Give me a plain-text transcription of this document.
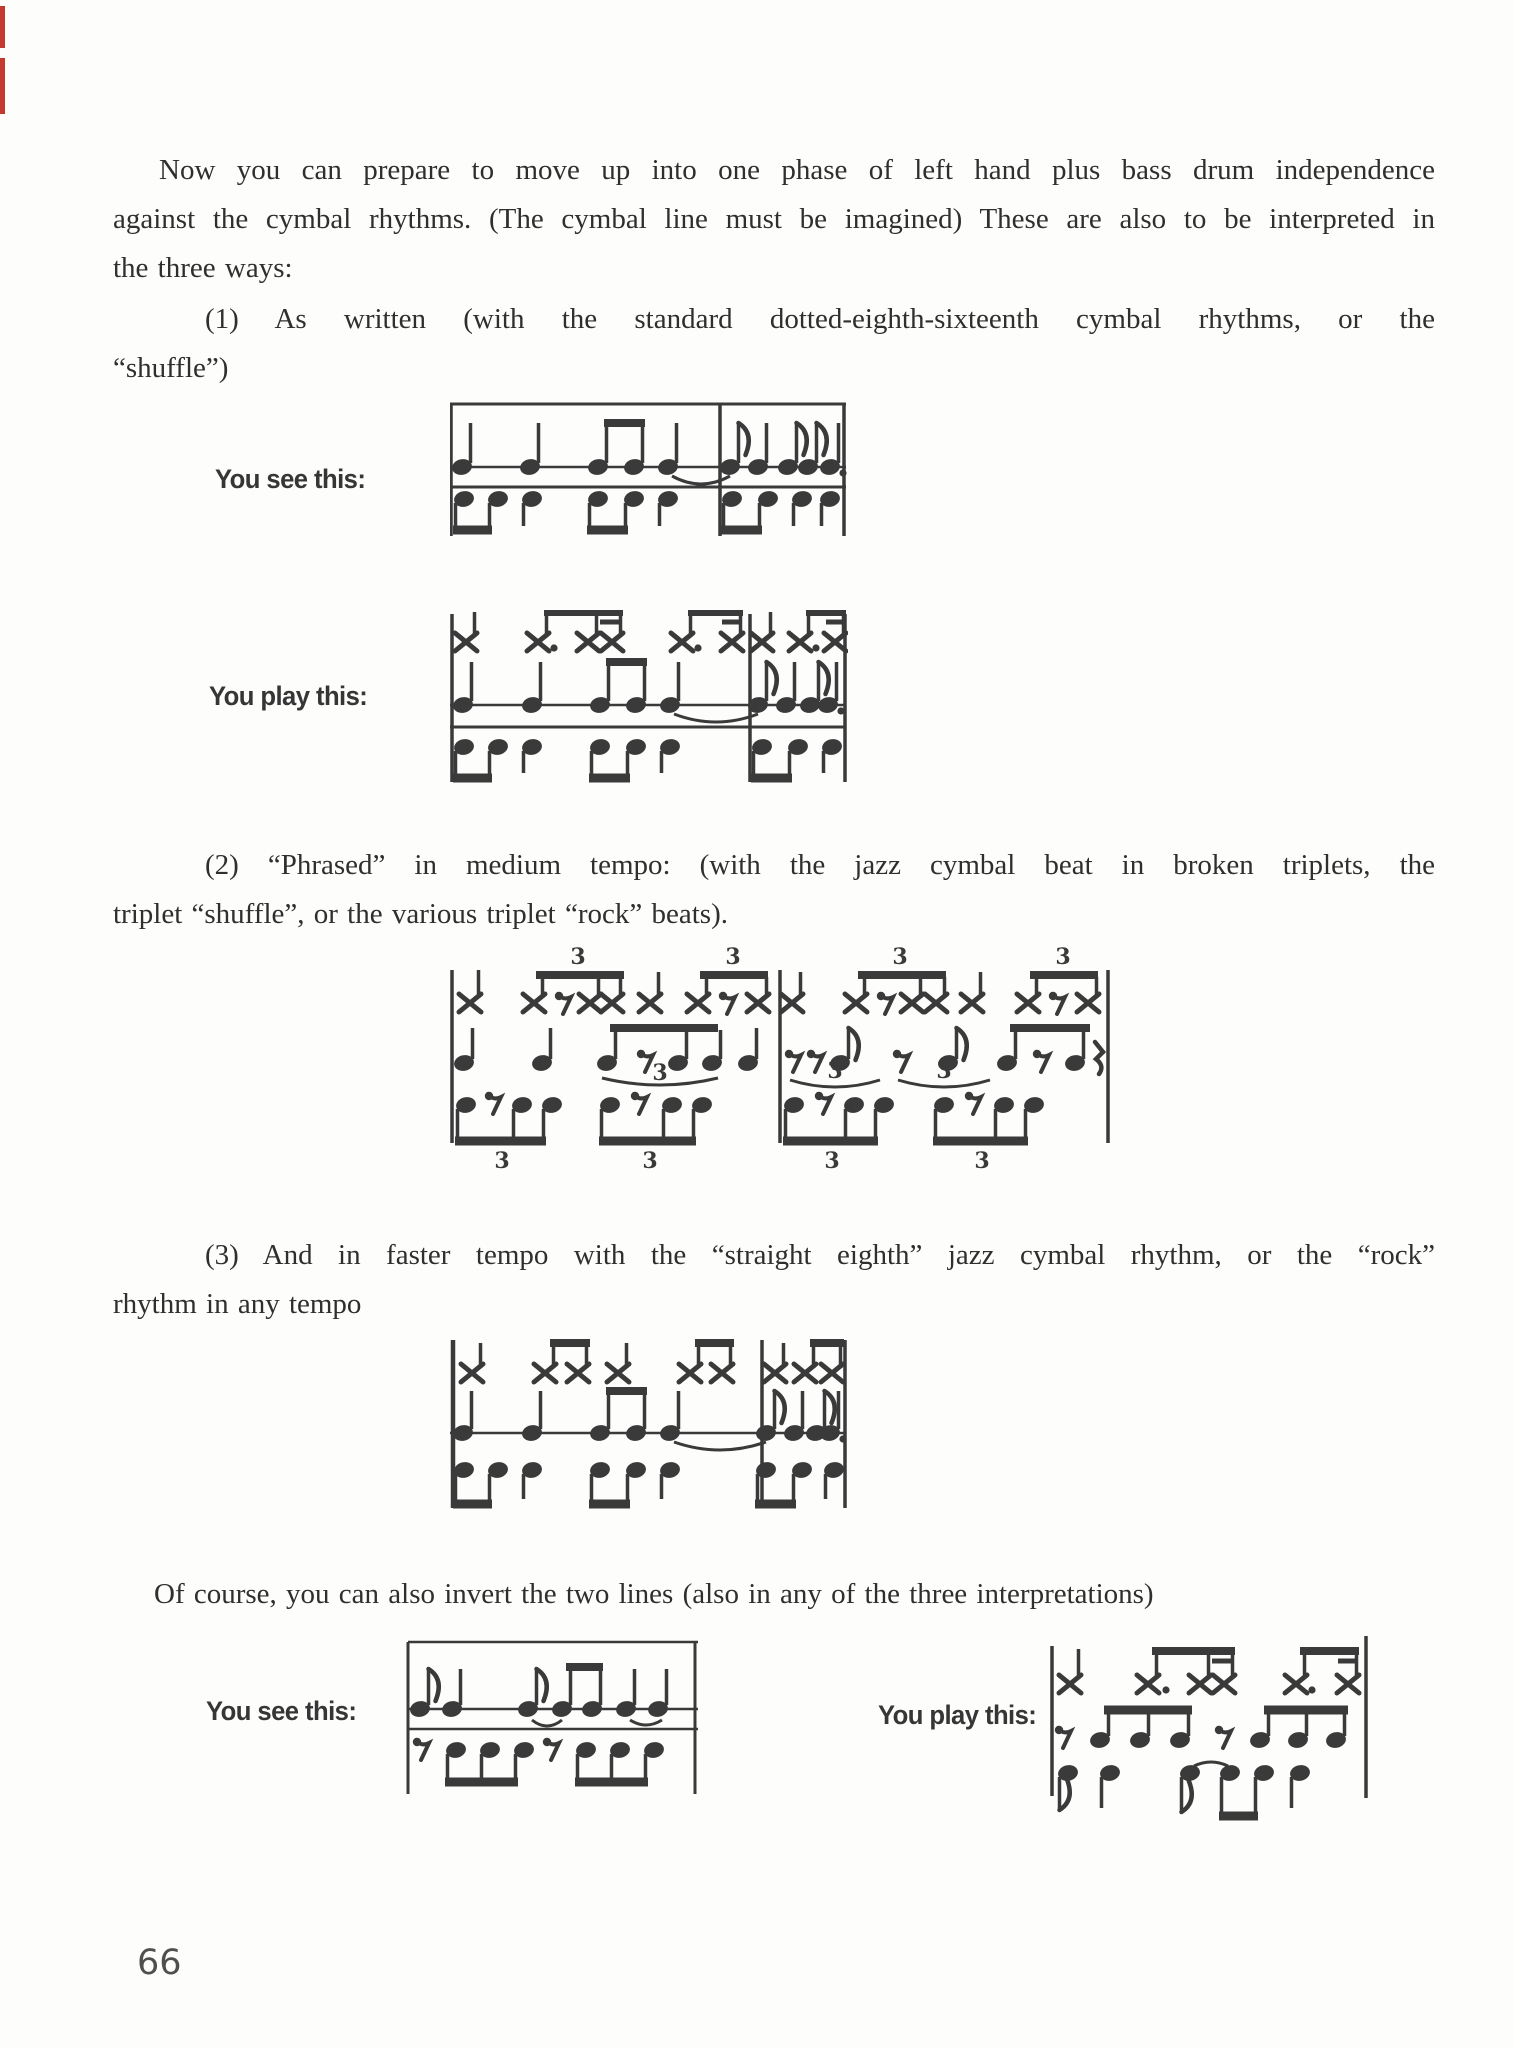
Now you can prepare to move up into one phase of left hand plus bass drum independence
against the cymbal rhythms. (The cymbal line must be imagined) These are also to be interpreted in
the three ways:
(1) As written (with the standard dotted-eighth-sixteenth cymbal rhythms, or the
“shuffle”)
You see this:
You play this:
(2) “Phrased” in medium tempo: (with the jazz cymbal beat in broken triplets, the
triplet “shuffle”, or the various triplet “rock” beats).
(3) And in faster tempo with the “straight eighth” jazz cymbal rhythm, or the “rock”
rhythm in any tempo
Of course, you can also invert the two lines (also in any of the three interpretations)
You see this:	You play this:
66
3	3	3	3
3	3	3
3	3	3	3
